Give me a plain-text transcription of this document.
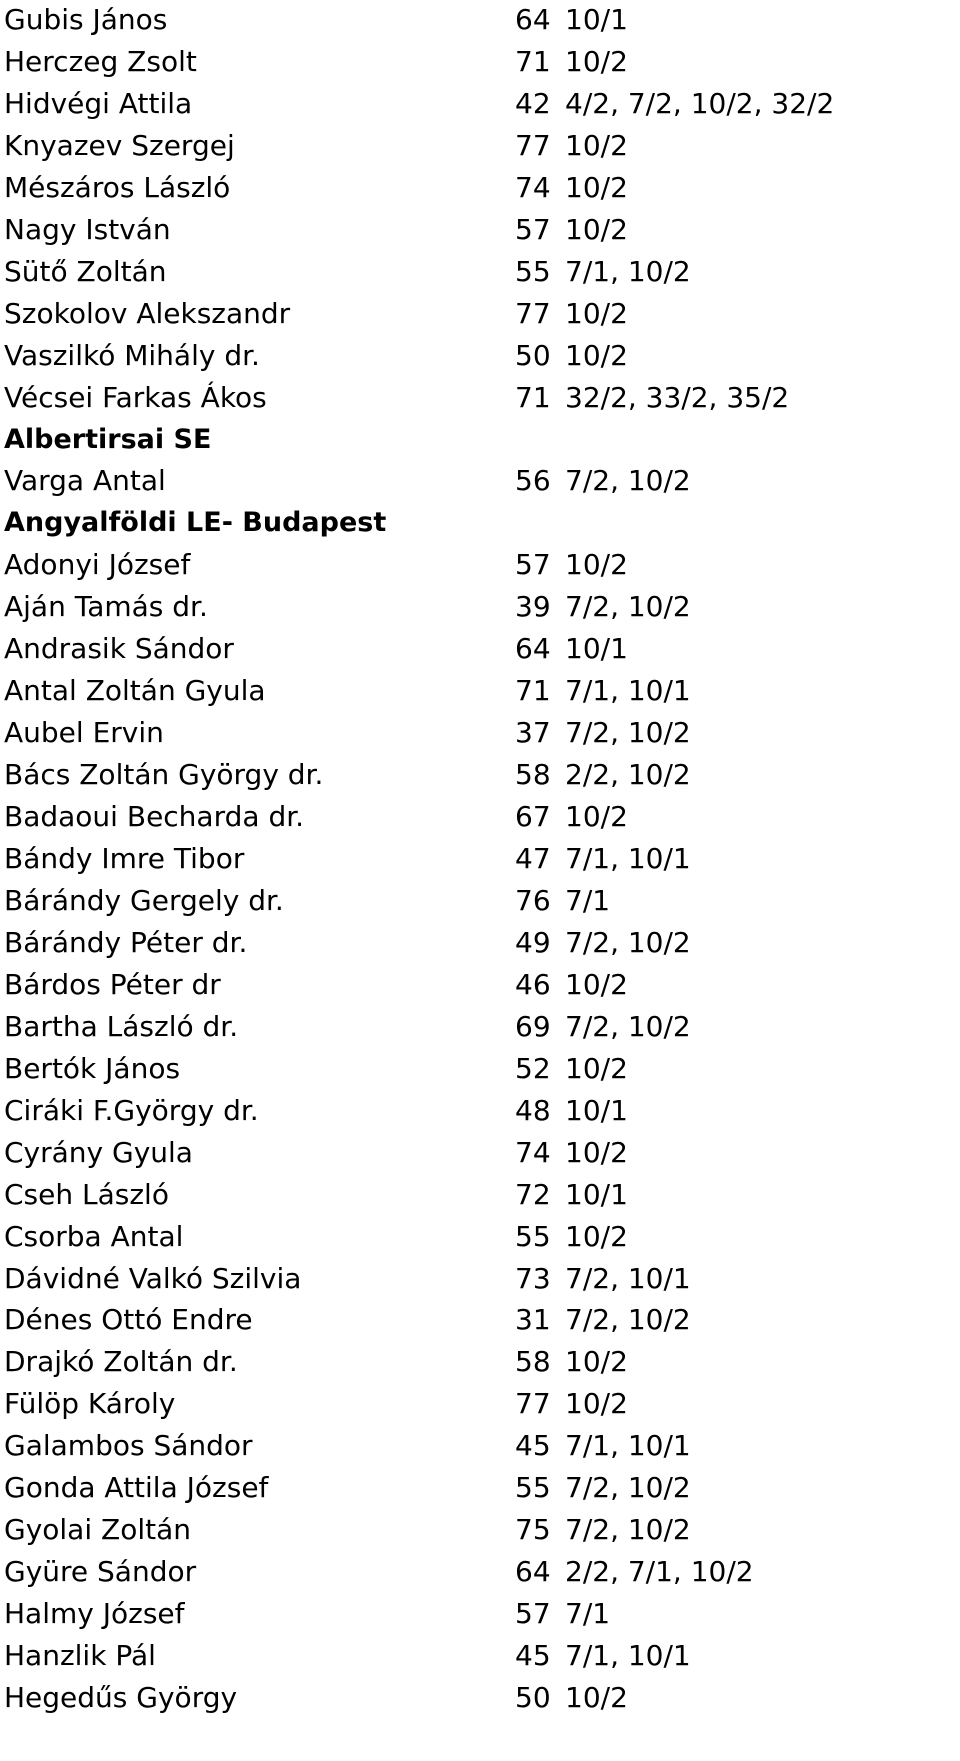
Gubis János	64 10/1
Herczeg Zsolt	71 10/2
Hidvégi Attila	42 4/2, 7/2, 10/2, 32/2
Knyazev Szergej	77 10/2
Mészáros László	74 10/2
Nagy István	57 10/2
Sütő Zoltán	55 7/1, 10/2
Szokolov Alekszandr	77 10/2
Vaszilkó Mihály dr.	50 10/2
Vécsei Farkas Ákos	71 32/2, 33/2, 35/2
Albertirsai SE
Varga Antal	56 7/2, 10/2
Angyalföldi LE- Budapest
Adonyi József	57 10/2
Aján Tamás dr.	39 7/2, 10/2
Andrasik Sándor	64 10/1
Antal Zoltán Gyula	71 7/1, 10/1
Aubel Ervin	37 7/2, 10/2
Bács Zoltán György dr.	58 2/2, 10/2
Badaoui Becharda dr.	67 10/2
Bándy Imre Tibor	47 7/1, 10/1
Bárándy Gergely dr.	76 7/1
Bárándy Péter dr.	49 7/2, 10/2
Bárdos Péter dr	46 10/2
Bartha László dr.	69 7/2, 10/2
Bertók János	52 10/2
Ciráki F.György dr.	48 10/1
Cyrány Gyula	74 10/2
Cseh László	72 10/1
Csorba Antal	55 10/2
Dávidné Valkó Szilvia	73 7/2, 10/1
Dénes Ottó Endre	31 7/2, 10/2
Drajkó Zoltán dr.	58 10/2
Fülöp Károly	77 10/2
Galambos Sándor	45 7/1, 10/1
Gonda Attila József	55 7/2, 10/2
Gyolai Zoltán	75 7/2, 10/2
Gyüre Sándor	64 2/2, 7/1, 10/2
Halmy József	57 7/1
Hanzlik Pál	45 7/1, 10/1
Hegedűs György	50 10/2
